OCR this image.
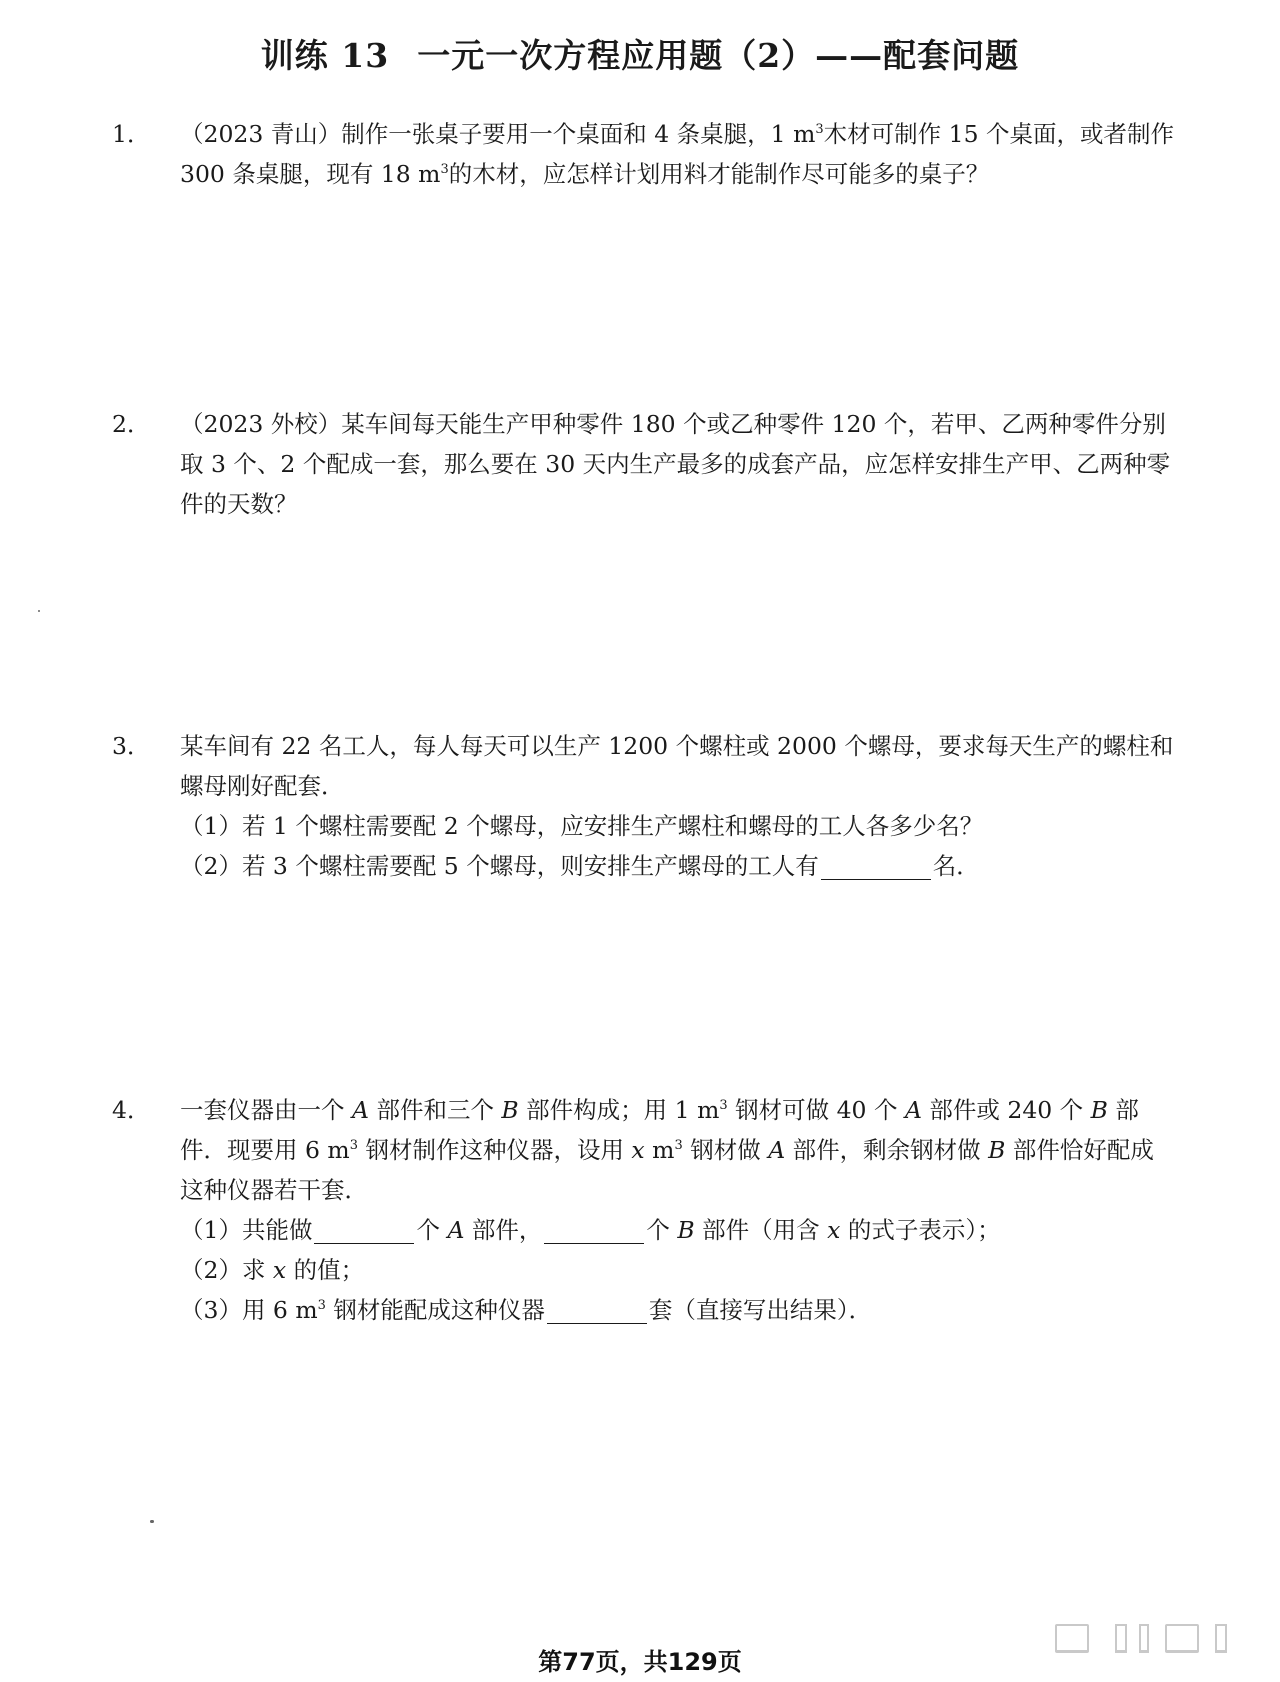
训练 13 一元一次方程应用题（2）——配套问题

1． （2023 青山）制作一张桌子要用一个桌面和 4 条桌腿，1 $m^3$木材可制作 15 个桌面，或者制作 300 条桌腿，现有 18 $m^3$的木材，应怎样计划用料才能制作尽可能多的桌子？

2． （2023 外校）某车间每天能生产甲种零件 180 个或乙种零件 120 个，若甲、乙两种零件分别取 3 个、2 个配成一套，那么要在 30 天内生产最多的成套产品，应怎样安排生产甲、乙两种零件的天数？

3． 某车间有 22 名工人，每人每天可以生产 1200 个螺柱或 2000 个螺母，要求每天生产的螺柱和螺母刚好配套．

（1）若 1 个螺柱需要配 2 个螺母，应安排生产螺柱和螺母的工人各多少名？
（2）若 3 个螺柱需要配 5 个螺母，则安排生产螺母的工人有	名．

4． 一套仪器由一个 A 部件和三个 B 部件构成；用 1 $m^3$ 钢材可做 40 个 A 部件或 240 个 B 部件．现要用 6 $m^3$ 钢材制作这种仪器，设用 x $m^3$ 钢材做 A 部件，剩余钢材做 B 部件恰好配成这种仪器若干套．

（1）共能做	个 A 部件，	个 B 部件（用含 x 的式子表示）；
（2）求 x 的值；
（3）用 6 $m^3$ 钢材能配成这种仪器	套（直接写出结果）．
第77页，共129页
